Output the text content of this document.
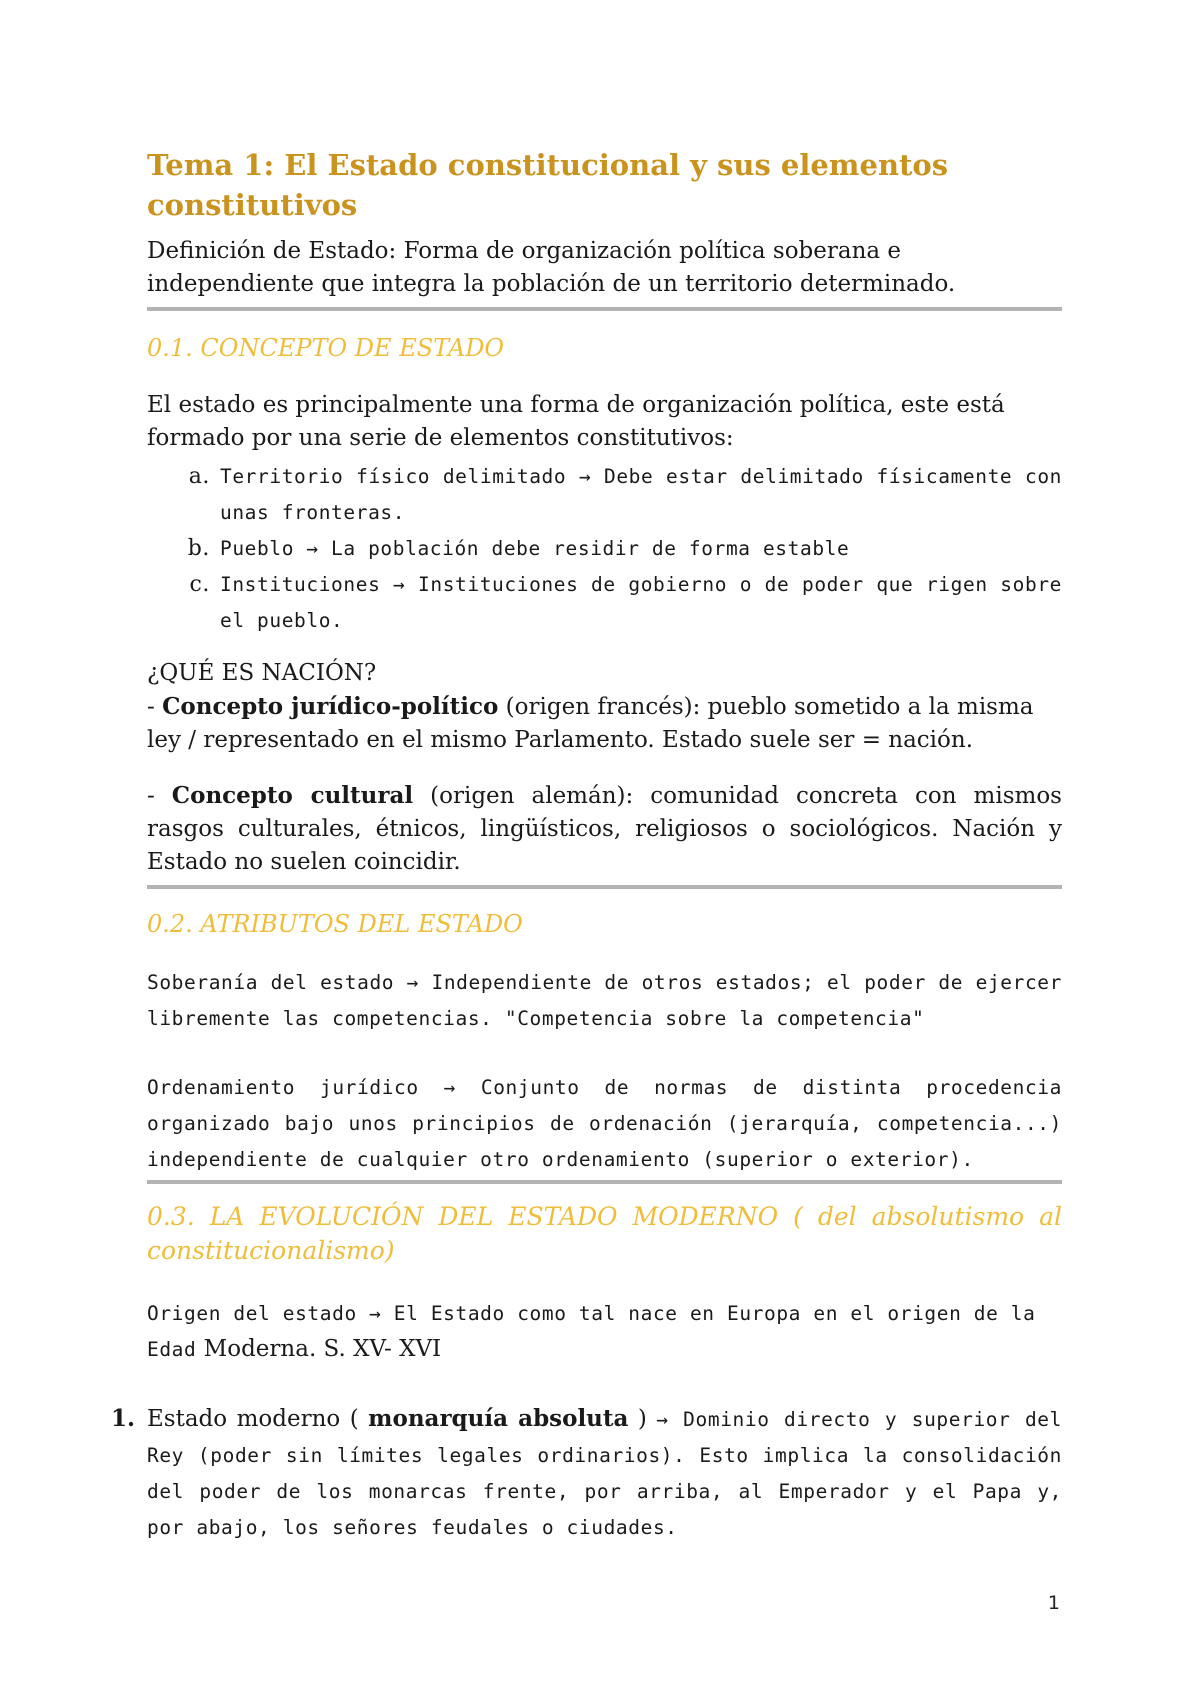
Tema 1: El Estado constitucional y sus elementos constitutivos
Definición de Estado: Forma de organización política soberana e independiente que integra la población de un territorio determinado.
0.1. CONCEPTO DE ESTADO
El estado es principalmente una forma de organización política, este está formado por una serie de elementos constitutivos:
a. Territorio físico delimitado → Debe estar delimitado físicamente con unas fronteras.
b. Pueblo → La población debe residir de forma estable
c. Instituciones → Instituciones de gobierno o de poder que rigen sobre el pueblo.
¿QUÉ ES NACIÓN?
- Concepto jurídico-político (origen francés): pueblo sometido a la misma ley / representado en el mismo Parlamento. Estado suele ser = nación.
- Concepto cultural (origen alemán): comunidad concreta con mismos rasgos culturales, étnicos, lingüísticos, religiosos o sociológicos. Nación y Estado no suelen coincidir.
0.2. ATRIBUTOS DEL ESTADO
Soberanía del estado → Independiente de otros estados; el poder de ejercer libremente las competencias. "Competencia sobre la competencia"
Ordenamiento jurídico → Conjunto de normas de distinta procedencia organizado bajo unos principios de ordenación (jerarquía, competencia...) independiente de cualquier otro ordenamiento (superior o exterior).
0.3. LA EVOLUCIÓN DEL ESTADO MODERNO ( del absolutismo al constitucionalismo)
Origen del estado → El Estado como tal nace en Europa en el origen de la Edad Moderna. S. XV- XVI
1. Estado moderno ( monarquía absoluta ) → Dominio directo y superior del Rey (poder sin límites legales ordinarios). Esto implica la consolidación del poder de los monarcas frente, por arriba, al Emperador y el Papa y, por abajo, los señores feudales o ciudades.
1
